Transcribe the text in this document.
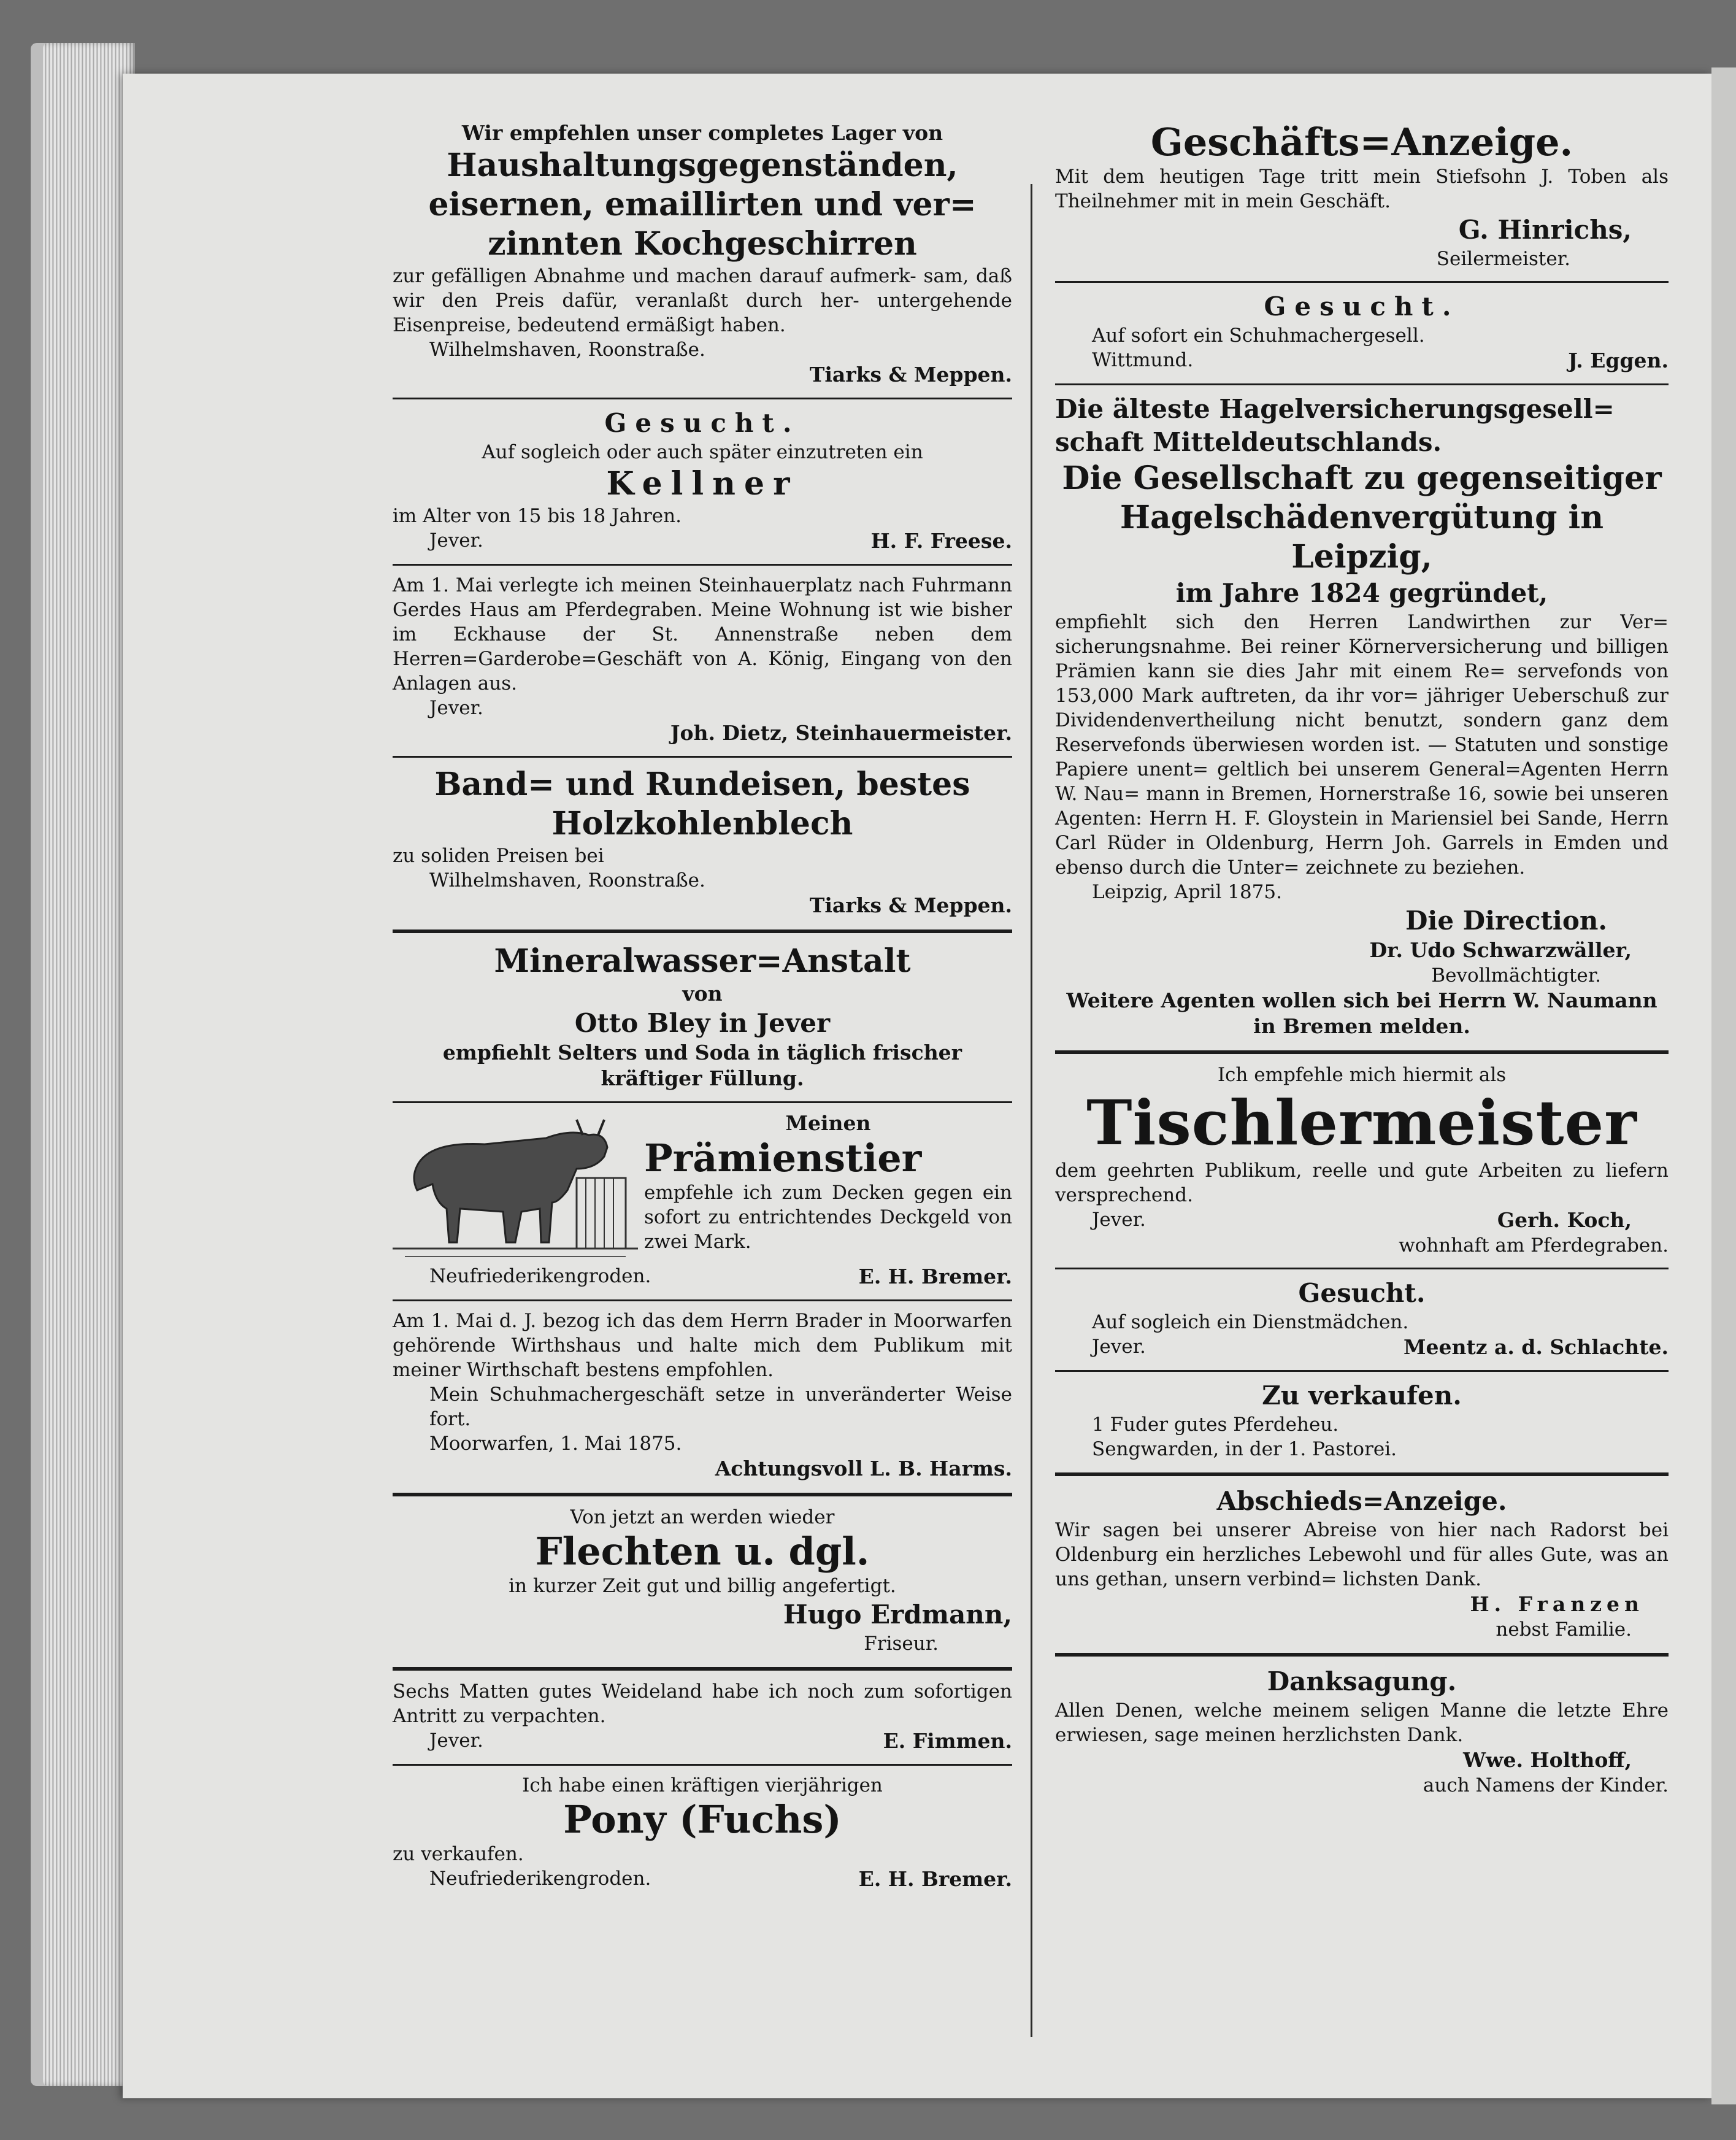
Wir empfehlen unser completes Lager von

Haushaltungsgegenständen,

eisernen, emaillirten und ver=

zinnten Kochgeschirren

zur gefälligen Abnahme und machen darauf aufmerk- sam, daß wir den Preis dafür, veranlaßt durch her- untergehende Eisenpreise, bedeutend ermäßigt haben.

Wilhelmshaven, Roonstraße.

Tiarks & Meppen.

Gesucht.

Auf sogleich oder auch später einzutreten ein

Kellner

im Alter von 15 bis 18 Jahren.

Jever.	H. F. Freese.

Am 1. Mai verlegte ich meinen Steinhauerplatz nach Fuhrmann Gerdes Haus am Pferdegraben. Meine Wohnung ist wie bisher im Eckhause der St. Annenstraße neben dem Herren=Garderobe=Geschäft von A. König, Eingang von den Anlagen aus.

Jever.

Joh. Dietz, Steinhauermeister.

Band= und Rundeisen, bestes

Holzkohlenblech

zu soliden Preisen bei

Wilhelmshaven, Roonstraße.

Tiarks & Meppen.

Mineralwasser=Anstalt

von

Otto Bley in Jever

empfiehlt Selters und Soda in täglich frischer kräftiger Füllung.

Meinen

Prämienstier

empfehle ich zum Decken gegen ein sofort zu entrichtendes Deckgeld von zwei Mark.

Neufriederikengroden.	E. H. Bremer.

Am 1. Mai d. J. bezog ich das dem Herrn Brader in Moorwarfen gehörende Wirthshaus und halte mich dem Publikum mit meiner Wirthschaft bestens empfohlen.

Mein Schuhmachergeschäft setze in unveränderter Weise fort.

Moorwarfen, 1. Mai 1875.

Achtungsvoll L. B. Harms.

Von jetzt an werden wieder

Flechten u. dgl.

in kurzer Zeit gut und billig angefertigt.

Hugo Erdmann,

Friseur.

Sechs Matten gutes Weideland habe ich noch zum sofortigen Antritt zu verpachten.

Jever.	E. Fimmen.

Ich habe einen kräftigen vierjährigen

Pony (Fuchs)

zu verkaufen.

Neufriederikengroden.	E. H. Bremer.

Geschäfts=Anzeige.

Mit dem heutigen Tage tritt mein Stiefsohn J. Toben als Theilnehmer mit in mein Geschäft.

G. Hinrichs,

Seilermeister.

Gesucht.

Auf sofort ein Schuhmachergesell.

Wittmund.	J. Eggen.

Die älteste Hagelversicherungsgesell= schaft Mitteldeutschlands.

Die Gesellschaft zu gegenseitiger

Hagelschädenvergütung in Leipzig,

im Jahre 1824 gegründet,

empfiehlt sich den Herren Landwirthen zur Ver= sicherungsnahme. Bei reiner Körnerversicherung und billigen Prämien kann sie dies Jahr mit einem Re= servefonds von 153,000 Mark auftreten, da ihr vor= jähriger Ueberschuß zur Dividendenvertheilung nicht benutzt, sondern ganz dem Reservefonds überwiesen worden ist. — Statuten und sonstige Papiere unent= geltlich bei unserem General=Agenten Herrn W. Nau= mann in Bremen, Hornerstraße 16, sowie bei unseren Agenten: Herrn H. F. Gloystein in Mariensiel bei Sande, Herrn Carl Rüder in Oldenburg, Herrn Joh. Garrels in Emden und ebenso durch die Unter= zeichnete zu beziehen.

Leipzig, April 1875.

Die Direction.

Dr. Udo Schwarzwäller,

Bevollmächtigter.

Weitere Agenten wollen sich bei Herrn W. Naumann in Bremen melden.

Ich empfehle mich hiermit als

Tischlermeister

dem geehrten Publikum, reelle und gute Arbeiten zu liefern versprechend.

Jever.	Gerh. Koch,

wohnhaft am Pferdegraben.

Gesucht.

Auf sogleich ein Dienstmädchen.

Jever.	Meentz a. d. Schlachte.

Zu verkaufen.

1 Fuder gutes Pferdeheu.

Sengwarden, in der 1. Pastorei.

Abschieds=Anzeige.

Wir sagen bei unserer Abreise von hier nach Radorst bei Oldenburg ein herzliches Lebewohl und für alles Gute, was an uns gethan, unsern verbind= lichsten Dank.

H. Franzen

nebst Familie.

Danksagung.

Allen Denen, welche meinem seligen Manne die letzte Ehre erwiesen, sage meinen herzlichsten Dank.

Wwe. Holthoff,

auch Namens der Kinder.
